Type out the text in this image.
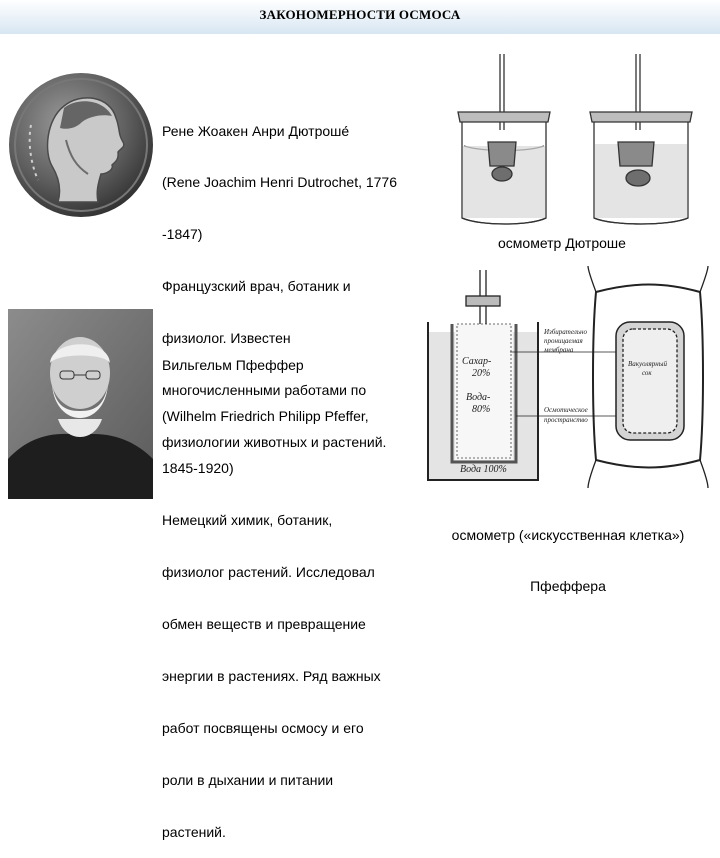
ЗАКОНОМЕРНОСТИ ОСМОСА

Рене Жоакен Анри Дютроше́

(Rene Joachim Henri Dutrochet, 1776

-1847)

Французский врач, ботаник и

физиолог. Известен

многочисленными работами по

физиологии животных и растений.

осмометр Дютроше

Вильгельм Пфеффер

(Wilhelm Friedrich Philipp Pfeffer,

1845-1920)

Немецкий химик, ботаник,

физиолог растений. Исследовал

обмен веществ и превращение

энергии в растениях. Ряд важных

работ посвящены осмосу и его

роли в дыхании и питании

растений.

Сахар-
20%
Вода-
80%
Вода 100%
Избирательно
проницаемая
мембрана
Вакуолярный
сок
Осмотическое
пространство

осмометр («искусственная клетка»)

Пфеффера
